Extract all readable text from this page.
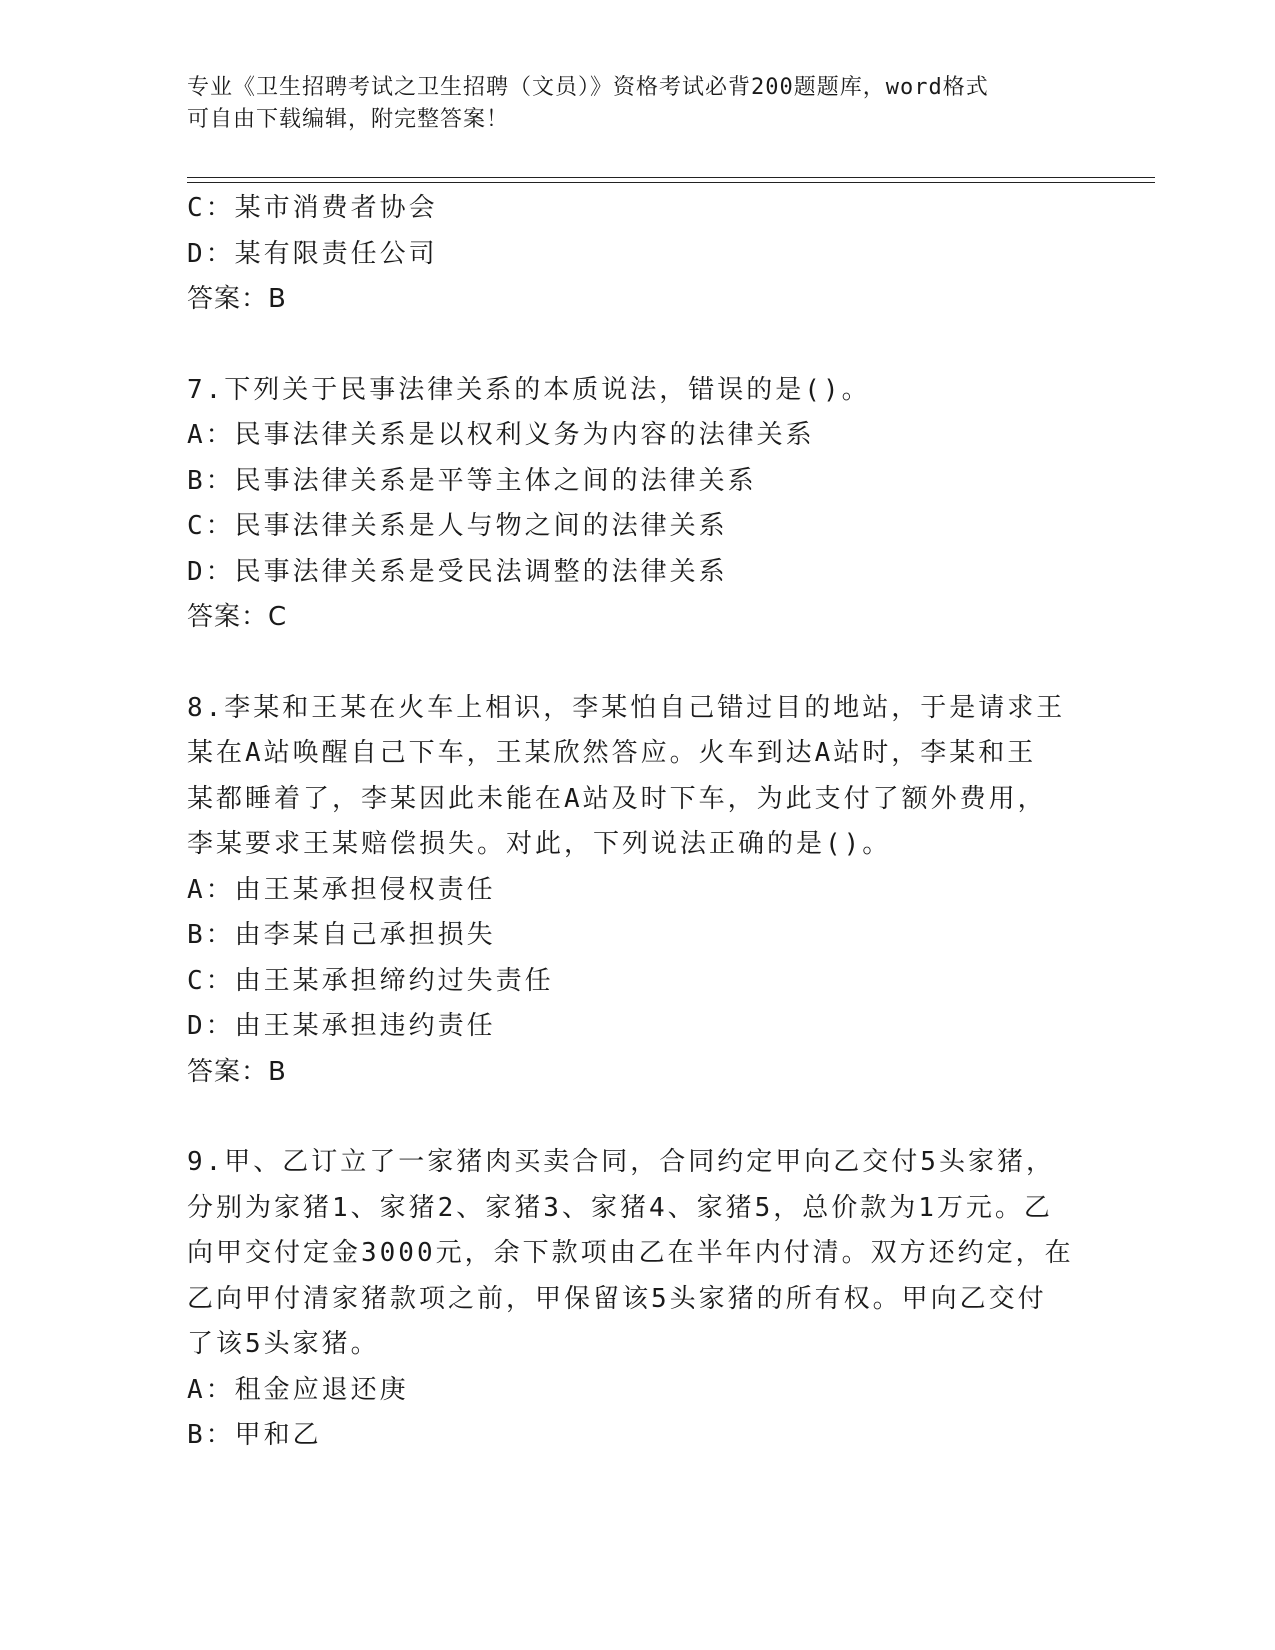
专业《卫生招聘考试之卫生招聘（文员）》资格考试必背200题题库，word格式
可自由下载编辑，附完整答案！
C：某市消费者协会
D：某有限责任公司
答案：B
7.下列关于民事法律关系的本质说法，错误的是()。
A：民事法律关系是以权利义务为内容的法律关系
B：民事法律关系是平等主体之间的法律关系
C：民事法律关系是人与物之间的法律关系
D：民事法律关系是受民法调整的法律关系
答案：C
8.李某和王某在火车上相识，李某怕自己错过目的地站，于是请求王
某在A站唤醒自己下车，王某欣然答应。火车到达A站时，李某和王
某都睡着了，李某因此未能在A站及时下车，为此支付了额外费用，
李某要求王某赔偿损失。对此，下列说法正确的是()。
A：由王某承担侵权责任
B：由李某自己承担损失
C：由王某承担缔约过失责任
D：由王某承担违约责任
答案：B
9.甲、乙订立了一家猪肉买卖合同，合同约定甲向乙交付5头家猪，
分别为家猪1、家猪2、家猪3、家猪4、家猪5，总价款为1万元。乙
向甲交付定金3000元，余下款项由乙在半年内付清。双方还约定，在
乙向甲付清家猪款项之前，甲保留该5头家猪的所有权。甲向乙交付
了该5头家猪。
A：租金应退还庚
B：甲和乙
